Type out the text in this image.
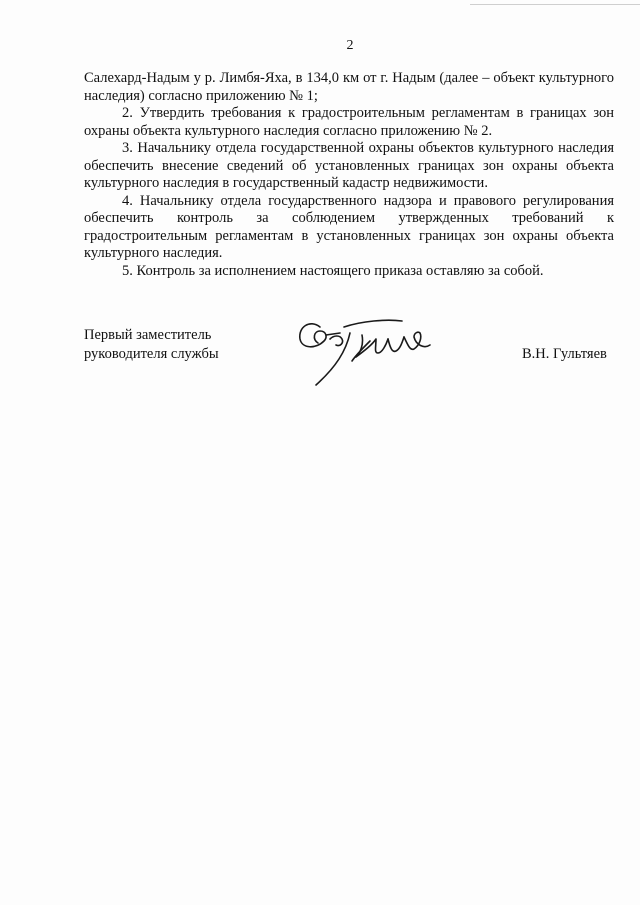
2

Салехард-Надым у р. Лимбя-Яха, в 134,0 км от г. Надым (далее – объект культурного наследия) согласно приложению № 1;

2. Утвердить требования к градостроительным регламентам в границах зон охраны объекта культурного наследия согласно приложению № 2.

3. Начальнику отдела государственной охраны объектов культурного наследия обеспечить внесение сведений об установленных границах зон охраны объекта культурного наследия в государственный кадастр недвижимости.

4. Начальнику отдела государственного надзора и правового регулирования обеспечить контроль за соблюдением утвержденных требований к градостроительным регламентам в установленных границах зон охраны объекта культурного наследия.

5. Контроль за исполнением настоящего приказа оставляю за собой.

Первый заместитель
руководителя службы	В.Н. Гультяев
